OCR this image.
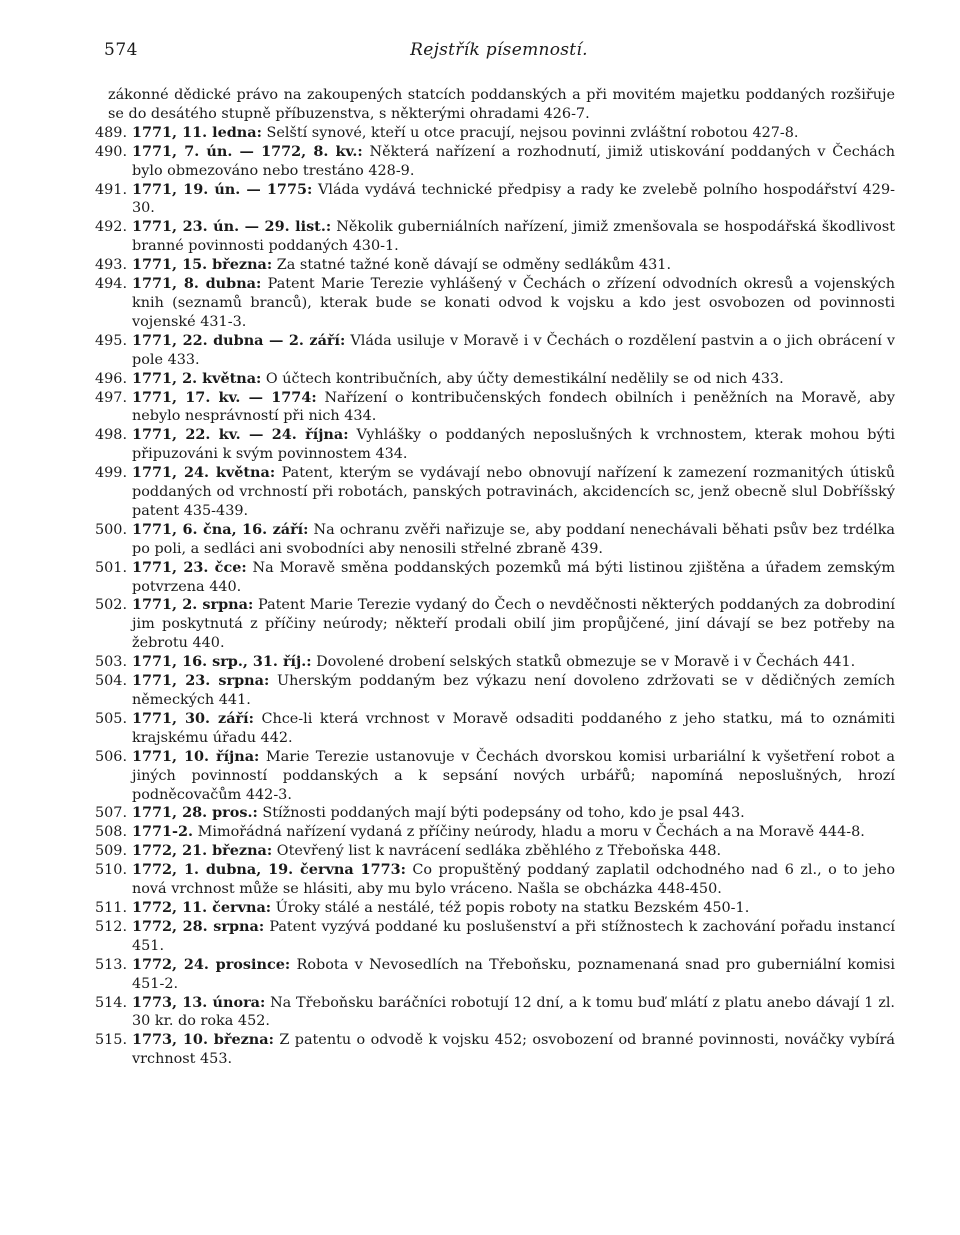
574	Rejstřík písemností.
zákonné dědické právo na zakoupených statcích poddanských a při movitém majetku poddaných rozšiřuje se do desátého stupně příbuzenstva, s některými ohradami 426-7.
489. 1771, 11. ledna: Selští synové, kteří u otce pracují, nejsou povinni zvláštní robotou 427-8.
490. 1771, 7. ún. — 1772, 8. kv.: Některá nařízení a rozhodnutí, jimiž utiskování poddaných v Čechách bylo obmezováno nebo trestáno 428-9.
491. 1771, 19. ún. — 1775: Vláda vydává technické předpisy a rady ke zvelebě polního hospodářství 429-30.
492. 1771, 23. ún. — 29. list.: Několik guberniálních nařízení, jimiž zmenšovala se hospodářská škodlivost branné povinnosti poddaných 430-1.
493. 1771, 15. března: Za statné tažné koně dávají se odměny sedlákům 431.
494. 1771, 8. dubna: Patent Marie Terezie vyhlášený v Čechách o zřízení odvodních okresů a vojenských knih (seznamů branců), kterak bude se konati odvod k vojsku a kdo jest osvobozen od povinnosti vojenské 431-3.
495. 1771, 22. dubna — 2. září: Vláda usiluje v Moravě i v Čechách o rozdělení pastvin a o jich obrácení v pole 433.
496. 1771, 2. května: O účtech kontribučních, aby účty demestikální nedělily se od nich 433.
497. 1771, 17. kv. — 1774: Nařízení o kontribučenských fondech obilních i peněžních na Moravě, aby nebylo nesprávností při nich 434.
498. 1771, 22. kv. — 24. října: Vyhlášky o poddaných neposlušných k vrchnostem, kterak mohou býti připuzováni k svým povinnostem 434.
499. 1771, 24. května: Patent, kterým se vydávají nebo obnovují nařízení k zamezení rozmanitých útisků poddaných od vrchností při robotách, panských potravinách, akcidencích sc, jenž obecně slul Dobříšský patent 435-439.
500. 1771, 6. čna, 16. září: Na ochranu zvěři nařizuje se, aby poddaní nenechávali běhati psův bez trdélka po poli, a sedláci ani svobodníci aby nenosili střelné zbraně 439.
501. 1771, 23. čce: Na Moravě směna poddanských pozemků má býti listinou zjištěna a úřadem zemským potvrzena 440.
502. 1771, 2. srpna: Patent Marie Terezie vydaný do Čech o nevděčnosti některých poddaných za dobrodiní jim poskytnutá z příčiny neúrody; někteří prodali obilí jim propůjčené, jiní dávají se bez potřeby na žebrotu 440.
503. 1771, 16. srp., 31. říj.: Dovolené drobení selských statků obmezuje se v Moravě i v Čechách 441.
504. 1771, 23. srpna: Uherským poddaným bez výkazu není dovoleno zdržovati se v dědičných zemích německých 441.
505. 1771, 30. září: Chce-li která vrchnost v Moravě odsaditi poddaného z jeho statku, má to oznámiti krajskému úřadu 442.
506. 1771, 10. října: Marie Terezie ustanovuje v Čechách dvorskou komisi urbariální k vyšetření robot a jiných povinností poddanských a k sepsání nových urbářů; napomíná neposlušných, hrozí podněcovačům 442-3.
507. 1771, 28. pros.: Stížnosti poddaných mají býti podepsány od toho, kdo je psal 443.
508. 1771-2. Mimořádná nařízení vydaná z příčiny neúrody, hladu a moru v Čechách a na Moravě 444-8.
509. 1772, 21. března: Otevřený list k navrácení sedláka zběhlého z Třeboňska 448.
510. 1772, 1. dubna, 19. června 1773: Co propuštěný poddaný zaplatil odchodného nad 6 zl., o to jeho nová vrchnost může se hlásiti, aby mu bylo vráceno. Našla se obcházka 448-450.
511. 1772, 11. června: Úroky stálé a nestálé, též popis roboty na statku Bezském 450-1.
512. 1772, 28. srpna: Patent vyzývá poddané ku poslušenství a při stížnostech k zachování pořadu instancí 451.
513. 1772, 24. prosince: Robota v Nevosedlích na Třeboňsku, poznamenaná snad pro guberniální komisi 451-2.
514. 1773, 13. února: Na Třeboňsku baráčníci robotují 12 dní, a k tomu buď mlátí z platu anebo dávají 1 zl. 30 kr. do roka 452.
515. 1773, 10. března: Z patentu o odvodě k vojsku 452; osvobození od branné povinnosti, nováčky vybírá vrchnost 453.
